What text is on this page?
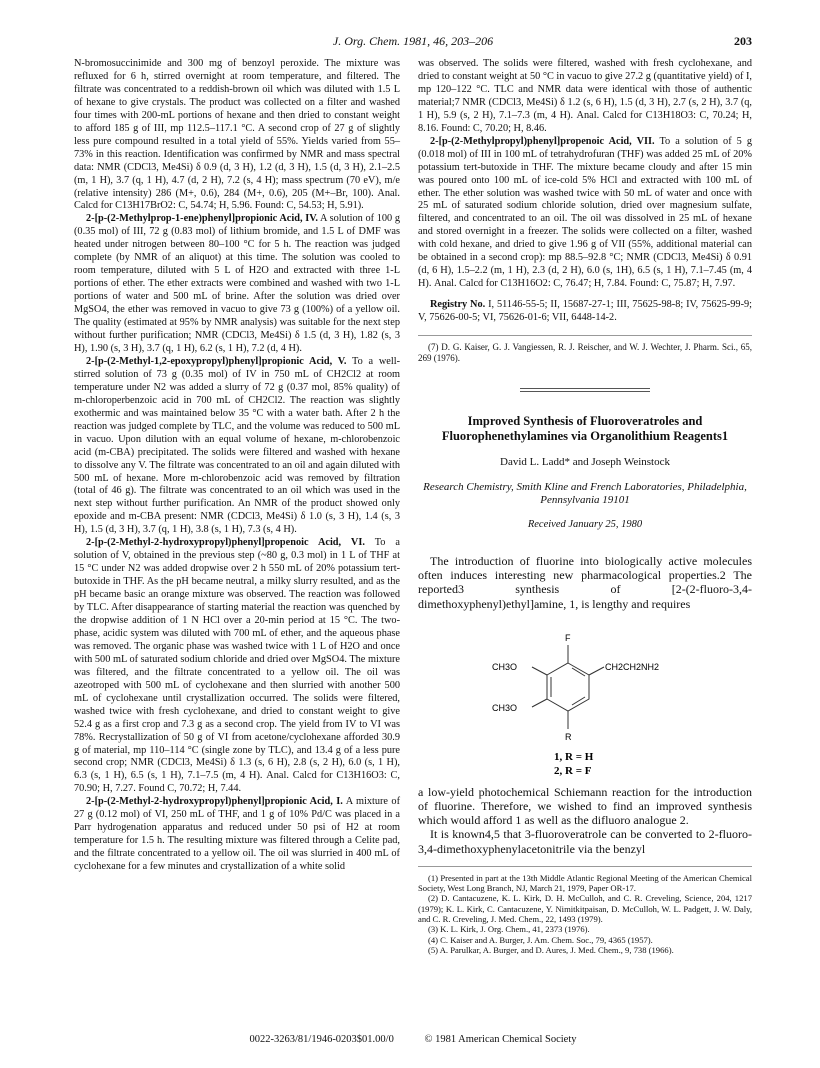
J. Org. Chem. 1981, 46, 203–206	203

N-bromosuccinimide and 300 mg of benzoyl peroxide. The mixture was refluxed for 6 h, stirred overnight at room temperature, and filtered. The filtrate was concentrated to a reddish-brown oil which was diluted with 1.5 L of hexane to give crystals. The product was collected on a filter and washed four times with 200-mL portions of hexane and then dried to constant weight to afford 185 g of III, mp 112.5–117.1 °C. A second crop of 27 g of slightly less pure compound resulted in a total yield of 55%. Yields varied from 55–73% in this reaction. Identification was confirmed by NMR and mass spectral data: NMR (CDCl3, Me4Si) δ 0.9 (d, 3 H), 1.2 (d, 3 H), 1.5 (d, 3 H), 2.1–2.5 (m, 1 H), 3.7 (q, 1 H), 4.7 (d, 2 H), 7.2 (s, 4 H); mass spectrum (70 eV), m/e (relative intensity) 286 (M+, 0.6), 284 (M+, 0.6), 205 (M+–Br, 100). Anal. Calcd for C13H17BrO2: C, 54.74; H, 5.96. Found: C, 54.53; H, 5.91).

2-[p-(2-Methylprop-1-ene)phenyl]propionic Acid, IV. A solution of 100 g (0.35 mol) of III, 72 g (0.83 mol) of lithium bromide, and 1.5 L of DMF was heated under nitrogen between 80–100 °C for 5 h. The reaction was judged complete (by NMR of an aliquot) at this time. The solution was cooled to room temperature, diluted with 5 L of H2O and extracted with three 1-L portions of ether. The ether extracts were combined and washed with two 1-L portions of water and 500 mL of brine. After the solution was dried over MgSO4, the ether was removed in vacuo to give 73 g (100%) of a yellow oil. The quality (estimated at 95% by NMR analysis) was suitable for the next step without further purification; NMR (CDCl3, Me4Si) δ 1.5 (d, 3 H), 1.82 (s, 3 H), 1.90 (s, 3 H), 3.7 (q, 1 H), 6.2 (s, 1 H), 7.2 (d, 4 H).

2-[p-(2-Methyl-1,2-epoxypropyl)phenyl]propionic Acid, V. To a well-stirred solution of 73 g (0.35 mol) of IV in 750 mL of CH2Cl2 at room temperature under N2 was added a slurry of 72 g (0.37 mol, 85% quality) of m-chloroperbenzoic acid in 700 mL of CH2Cl2. The reaction was slightly exothermic and was maintained below 35 °C with a water bath. After 2 h the reaction was judged complete by TLC, and the volume was reduced to 500 mL in vacuo. Upon dilution with an equal volume of hexane, m-chlorobenzoic acid (m-CBA) precipitated. The solids were filtered and washed with hexane to dissolve any V. The filtrate was concentrated to an oil and again diluted with 500 mL of hexane. More m-chlorobenzoic acid was removed by filtration (total of 46 g). The filtrate was concentrated to an oil which was used in the next step without further purification. An NMR of the product showed only epoxide and m-CBA present: NMR (CDCl3, Me4Si) δ 1.0 (s, 3 H), 1.4 (s, 3 H), 1.5 (d, 3 H), 3.7 (q, 1 H), 3.8 (s, 1 H), 7.3 (s, 4 H).

2-[p-(2-Methyl-2-hydroxypropyl)phenyl]propenoic Acid, VI. To a solution of V, obtained in the previous step (~80 g, 0.3 mol) in 1 L of THF at 15 °C under N2 was added dropwise over 2 h 550 mL of 20% potassium tert-butoxide in THF. As the pH became neutral, a milky slurry resulted, and as the pH became basic an orange mixture was observed. The reaction was followed by TLC. After disappearance of starting material the reaction was quenched by the dropwise addition of 1 N HCl over a 20-min period at 15 °C. The two-phase, acidic system was diluted with 700 mL of ether, and the aqueous phase was removed. The organic phase was washed twice with 1 L of H2O and once with 500 mL of saturated sodium chloride and dried over MgSO4. The mixture was filtered, and the filtrate concentrated to a yellow oil. The oil was azeotroped with 500 mL of cyclohexane and then slurried with another 500 mL of cyclohexane until crystallization occurred. The solids were filtered, washed twice with fresh cyclohexane, and dried to constant weight to give 52.4 g as a first crop and 7.3 g as a second crop. The yield from IV to VI was 78%. Recrystallization of 50 g of VI from acetone/cyclohexane afforded 30.9 g of material, mp 110–114 °C (single zone by TLC), and 13.4 g of a less pure second crop; NMR (CDCl3, Me4Si) δ 1.3 (s, 6 H), 2.8 (s, 2 H), 6.0 (s, 1 H), 6.3 (s, 1 H), 6.5 (s, 1 H), 7.1–7.5 (m, 4 H). Anal. Calcd for C13H16O3: C, 70.90; H, 7.27. Found C, 70.72; H, 7.44.

2-[p-(2-Methyl-2-hydroxypropyl)phenyl]propionic Acid, I. A mixture of 27 g (0.12 mol) of VI, 250 mL of THF, and 1 g of 10% Pd/C was placed in a Parr hydrogenation apparatus and reduced under 50 psi of H2 at room temperature for 1.5 h. The resulting mixture was filtered through a Celite pad, and the filtrate concentrated to a yellow oil. The oil was slurried in 400 mL of cyclohexane for a few minutes and crystallization of a white solid

was observed. The solids were filtered, washed with fresh cyclohexane, and dried to constant weight at 50 °C in vacuo to give 27.2 g (quantitative yield) of I, mp 120–122 °C. TLC and NMR data were identical with those of authentic material;7 NMR (CDCl3, Me4Si) δ 1.2 (s, 6 H), 1.5 (d, 3 H), 2.7 (s, 2 H), 3.7 (q, 1 H), 5.9 (s, 2 H), 7.1–7.3 (m, 4 H). Anal. Calcd for C13H18O3: C, 70.24; H, 8.16. Found: C, 70.20; H, 8.46.

2-[p-(2-Methylpropyl)phenyl]propenoic Acid, VII. To a solution of 5 g (0.018 mol) of III in 100 mL of tetrahydrofuran (THF) was added 25 mL of 20% potassium tert-butoxide in THF. The mixture became cloudy and after 15 min was poured onto 100 mL of ice-cold 5% HCl and extracted with 100 mL of ether. The ether solution was washed twice with 50 mL of water and once with 25 mL of saturated sodium chloride solution, dried over magnesium sulfate, filtered, and concentrated to an oil. The oil was dissolved in 25 mL of hexane and stored overnight in a freezer. The solids were collected on a filter, washed with cold hexane, and dried to give 1.96 g of VII (55%, additional material can be obtained in a second crop): mp 88.5–92.8 °C; NMR (CDCl3, Me4Si) δ 0.91 (d, 6 H), 1.5–2.2 (m, 1 H), 2.3 (d, 2 H), 6.0 (s, 1H), 6.5 (s, 1 H), 7.1–7.45 (m, 4 H). Anal. Calcd for C13H16O2: C, 76.47; H, 7.84. Found: C, 75.87; H, 7.97.

Registry No. I, 51146-55-5; II, 15687-27-1; III, 75625-98-8; IV, 75625-99-9; V, 75626-00-5; VI, 75626-01-6; VII, 6448-14-2.

(7) D. G. Kaiser, G. J. Vangiessen, R. J. Reischer, and W. J. Wechter, J. Pharm. Sci., 65, 269 (1976).

Improved Synthesis of Fluoroveratroles and Fluorophenethylamines via Organolithium Reagents1
David L. Ladd* and Joseph Weinstock
Research Chemistry, Smith Kline and French Laboratories, Philadelphia, Pennsylvania 19101
Received January 25, 1980

The introduction of fluorine into biologically active molecules often induces interesting new pharmacological properties.2 The reported3 synthesis of [2-(2-fluoro-3,4-dimethoxyphenyl)ethyl]amine, 1, is lengthy and requires

F
CH3O	CH2CH2NH2
CH3O
R
1, R = H
2, R = F

a low-yield photochemical Schiemann reaction for the introduction of fluorine. Therefore, we wished to find an improved synthesis which would afford 1 as well as the difluoro analogue 2.

It is known4,5 that 3-fluoroveratrole can be converted to 2-fluoro-3,4-dimethoxyphenylacetonitrile via the benzyl

(1) Presented in part at the 13th Middle Atlantic Regional Meeting of the American Chemical Society, West Long Branch, NJ, March 21, 1979, Paper OR-17.

(2) D. Cantacuzene, K. L. Kirk, D. H. McCulloh, and C. R. Creveling, Science, 204, 1217 (1979); K. L. Kirk, C. Cantacuzene, Y. Nimitkitpaisan, D. McCulloh, W. L. Padgett, J. W. Daly, and C. R. Creveling, J. Med. Chem., 22, 1493 (1979).

(3) K. L. Kirk, J. Org. Chem., 41, 2373 (1976).

(4) C. Kaiser and A. Burger, J. Am. Chem. Soc., 79, 4365 (1957).

(5) A. Parulkar, A. Burger, and D. Aures, J. Med. Chem., 9, 738 (1966).

0022-3263/81/1946-0203$01.00/0	© 1981 American Chemical Society
